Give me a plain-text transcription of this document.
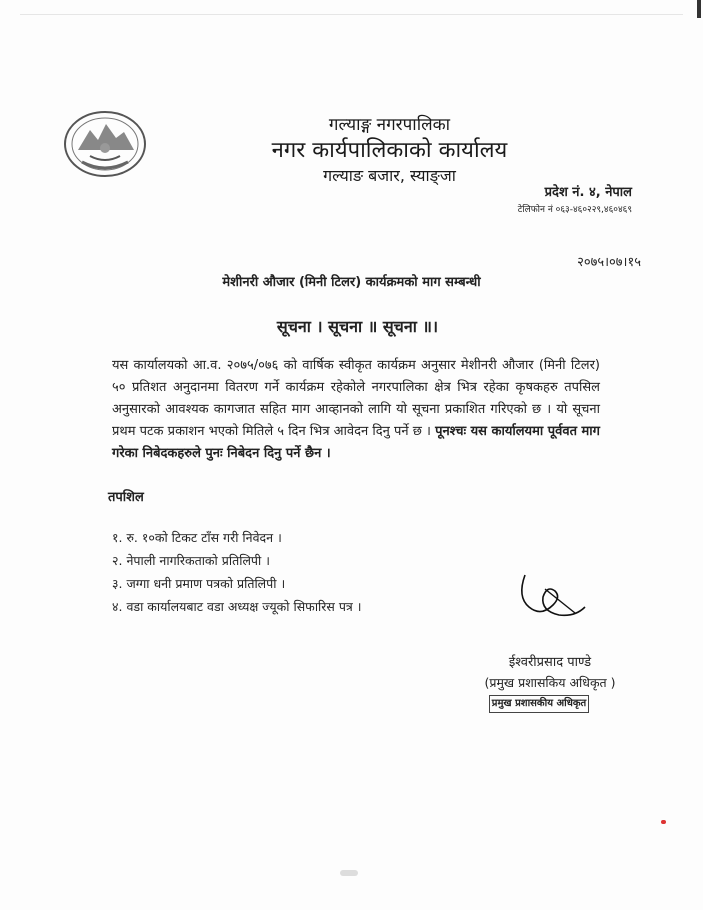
गल्याङ्ग नगरपालिका
नगर कार्यपालिकाको कार्यालय
गल्याङ बजार, स्याङ्जा
प्रदेश नं. ४, नेपाल
टेलिफोन नं ०६३-४६०२२९,४६०४६९
२०७५।०७।१५
मेशीनरी औजार (मिनी टिलर) कार्यक्रमको माग सम्बन्धी
सूचना । सूचना ॥ सूचना ॥।
यस कार्यालयको आ.व. २०७५/०७६ को वार्षिक स्वीकृत कार्यक्रम अनुसार मेशीनरी औजार (मिनी टिलर) ५० प्रतिशत अनुदानमा वितरण गर्ने कार्यक्रम रहेकोले नगरपालिका क्षेत्र भित्र रहेका कृषकहरु तपसिल अनुसारको आवश्यक कागजात सहित माग आव्हानको लागि यो सूचना प्रकाशित गरिएको छ । यो सूचना प्रथम पटक प्रकाशन भएको मितिले ५ दिन भित्र आवेदन दिनु पर्ने छ । पूनश्चः यस कार्यालयमा पूर्ववत माग गरेका निबेदकहरुले पुनः निबेदन दिनु पर्ने छैन ।
तपशिल
१. रु. १०को टिकट टाँस गरी निवेदन ।
२. नेपाली नागरिकताको प्रतिलिपी ।
३. जग्गा धनी प्रमाण पत्रको प्रतिलिपी ।
४. वडा कार्यालयबाट वडा अध्यक्ष ज्यूको सिफारिस पत्र ।
ईश्वरीप्रसाद पाण्डे
(प्रमुख प्रशासकिय अधिकृत )
प्रमुख प्रशासकीय अधिकृत
